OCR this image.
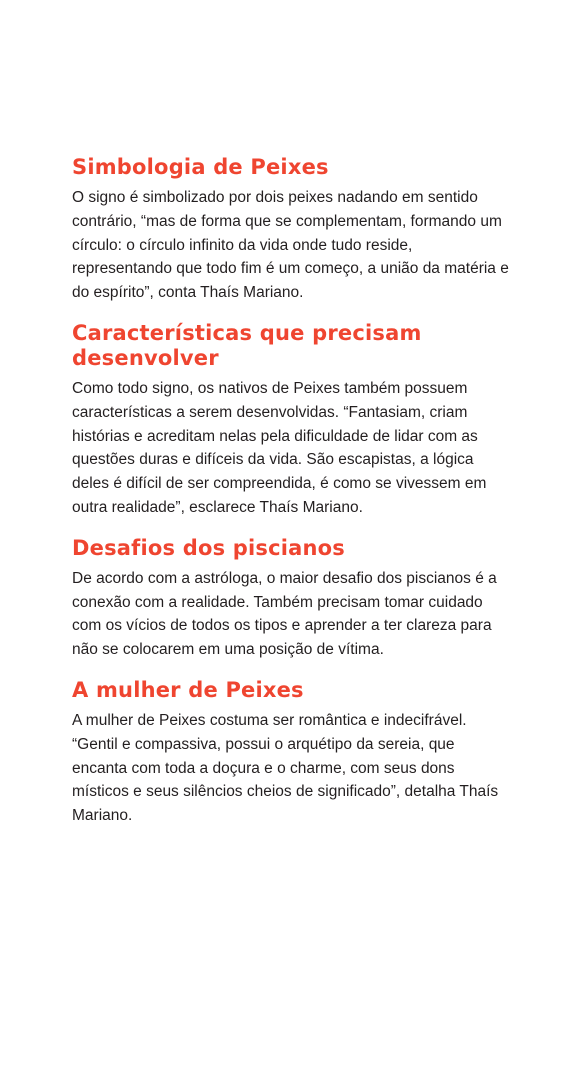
Simbologia de Peixes

O signo é simbolizado por dois peixes nadando em sentido contrário, “mas de forma que se complementam, formando um círculo: o círculo infinito da vida onde tudo reside, representando que todo fim é um começo, a união da matéria e do espírito”, conta Thaís Mariano.

Características que precisam desenvolver

Como todo signo, os nativos de Peixes também possuem características a serem desenvolvidas. “Fantasiam, criam histórias e acreditam nelas pela dificuldade de lidar com as questões duras e difíceis da vida. São escapistas, a lógica deles é difícil de ser compreendida, é como se vivessem em outra realidade”, esclarece Thaís Mariano.

Desafios dos piscianos

De acordo com a astróloga, o maior desafio dos piscianos é a conexão com a realidade. Também precisam tomar cuidado com os vícios de todos os tipos e aprender a ter clareza para não se colocarem em uma posição de vítima.

A mulher de Peixes

A mulher de Peixes costuma ser romântica e indecifrável. “Gentil e compassiva, possui o arquétipo da sereia, que encanta com toda a doçura e o charme, com seus dons místicos e seus silêncios cheios de significado”, detalha Thaís Mariano.
